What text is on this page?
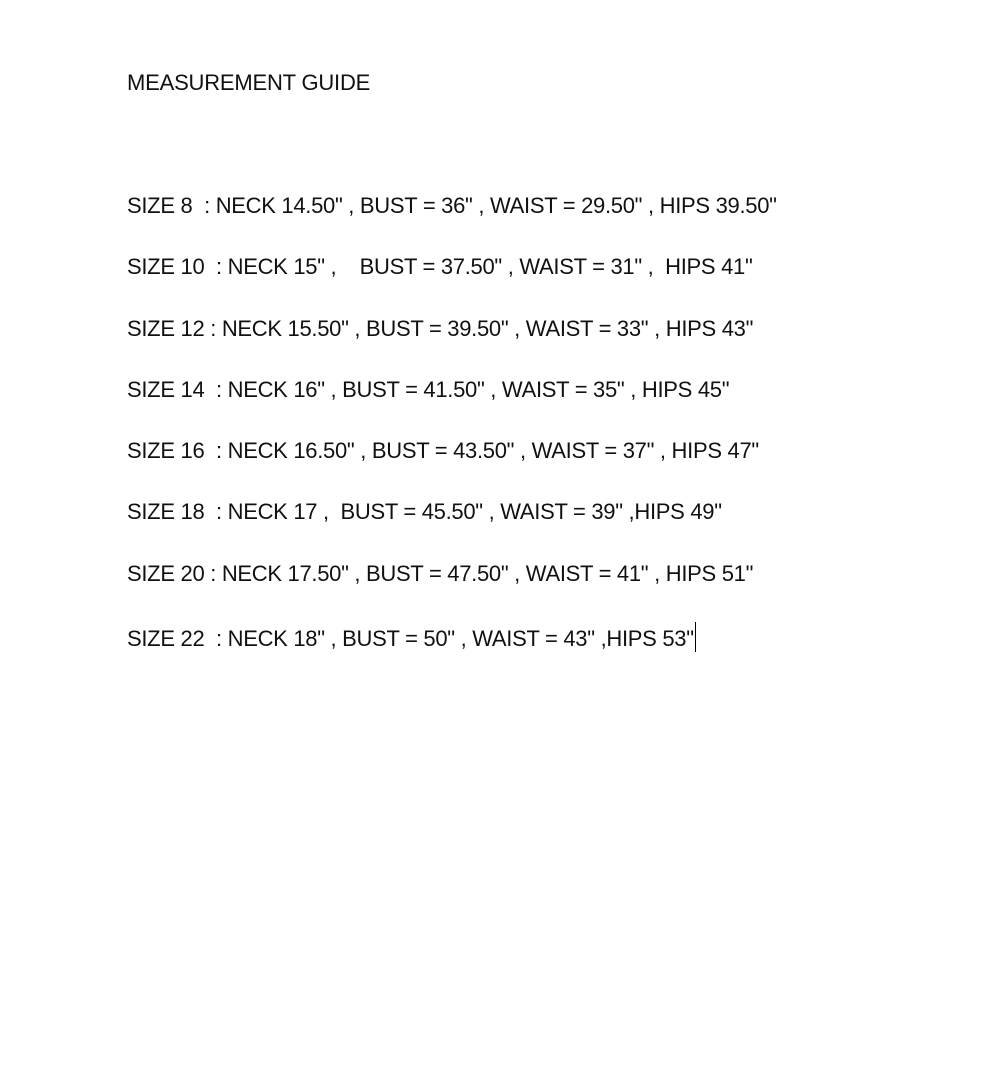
MEASUREMENT GUIDE
SIZE 8  : NECK 14.50" , BUST = 36" , WAIST = 29.50" , HIPS 39.50"
SIZE 10  : NECK 15" ,    BUST = 37.50" , WAIST = 31" ,  HIPS 41"
SIZE 12 : NECK 15.50" , BUST = 39.50" , WAIST = 33" , HIPS 43"
SIZE 14  : NECK 16" , BUST = 41.50" , WAIST = 35" , HIPS 45"
SIZE 16  : NECK 16.50" , BUST = 43.50" , WAIST = 37" , HIPS 47"
SIZE 18  : NECK 17 ,  BUST = 45.50" , WAIST = 39" ,HIPS 49"
SIZE 20 : NECK 17.50" , BUST = 47.50" , WAIST = 41" , HIPS 51"
SIZE 22  : NECK 18" , BUST = 50" , WAIST = 43" ,HIPS 53"
